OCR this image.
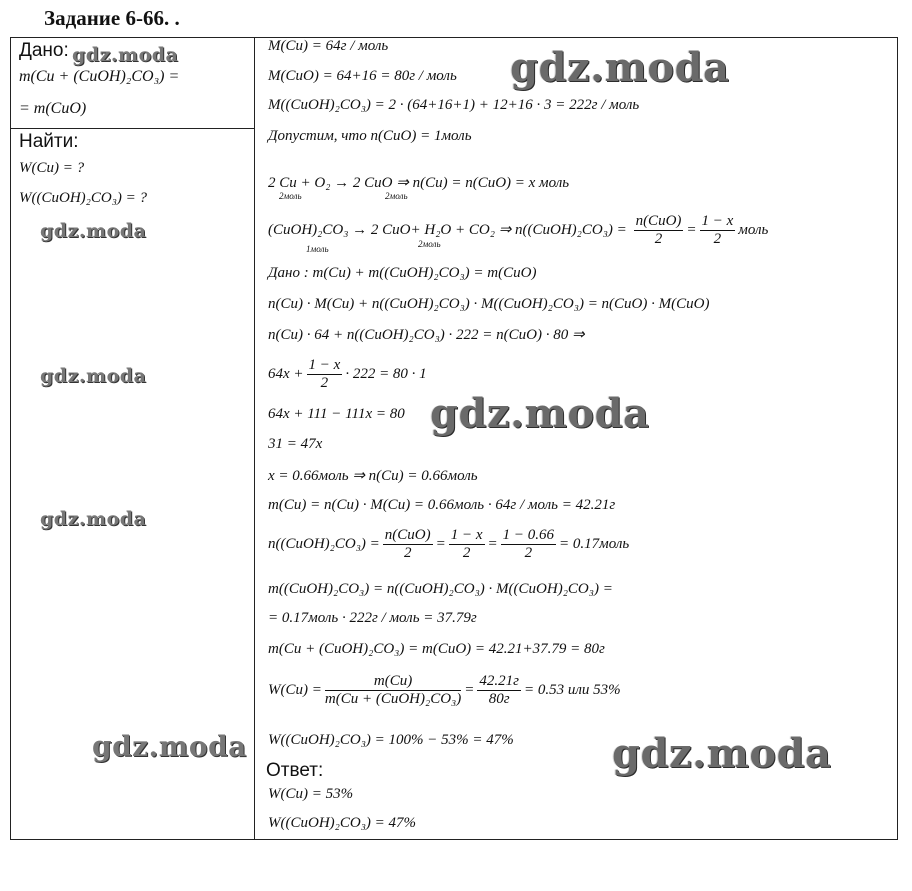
Задание 6-66. .
Дано:
m(Cu + (CuOH)₂CO₃) =
= m(CuO)
Найти:
W(Cu) = ?
W((CuOH)₂CO₃) = ?
M(Cu) = 64г / моль
M(CuO) = 64+16 = 80г / моль
M((CuOH)₂CO₃) = 2 · (64+16+1) + 12+16 · 3 = 222г / моль
Допустим, что n(CuO) = 1моль
2 Cu + O₂ → 2 CuO ⇒ n(Cu) = n(CuO) = x моль
2моль	2моль
(CuOH)₂CO₃ → 2 CuO+ H₂O + CO₂ ⇒ n((CuOH)₂CO₃) = $\frac{\text{n(CuO)}}{2} = \frac{1 - x}{2}$ моль
1моль	2моль
Дано : m(Cu) + m((CuOH)₂CO₃) = m(CuO)
n(Cu) · M(Cu) + n((CuOH)₂CO₃) · M((CuOH)₂CO₃) = n(CuO) · M(CuO)
n(Cu) · 64 + n((CuOH)₂CO₃) · 222 = n(CuO) · 80 ⇒
$64x + \frac{1 - x}{2} \cdot 222 = 80 \cdot 1$
64x + 111 − 111x = 80
31 = 47x
x = 0.66моль ⇒ n(Cu) = 0.66моль
m(Cu) = n(Cu) · M(Cu) = 0.66моль · 64г / моль = 42.21г
n((CuOH)₂CO₃) = $\frac{\text{n(CuO)}}{2} = \frac{1 - x}{2} = \frac{1 - 0.66}{2}$ = 0.17моль
m((CuOH)₂CO₃) = n((CuOH)₂CO₃) · M((CuOH)₂CO₃) =
= 0.17моль · 222г / моль = 37.79г
m(Cu + (CuOH)₂CO₃) = m(CuO) = 42.21+37.79 = 80г
$W(Cu) = \frac{m(Cu)}{\text{m(Cu + (CuOH)₂CO₃)}} = \frac{42.21г}{80г} = 0.53$ или 53%
W((CuOH)₂CO₃) = 100% − 53% = 47%
Ответ:
W(Cu) = 53%
W((CuOH)₂CO₃) = 47%
gdz.moda	gdz.moda
gdz.moda
gdz.moda
gdz.moda
gdz.moda
gdz.moda	gdz.moda
